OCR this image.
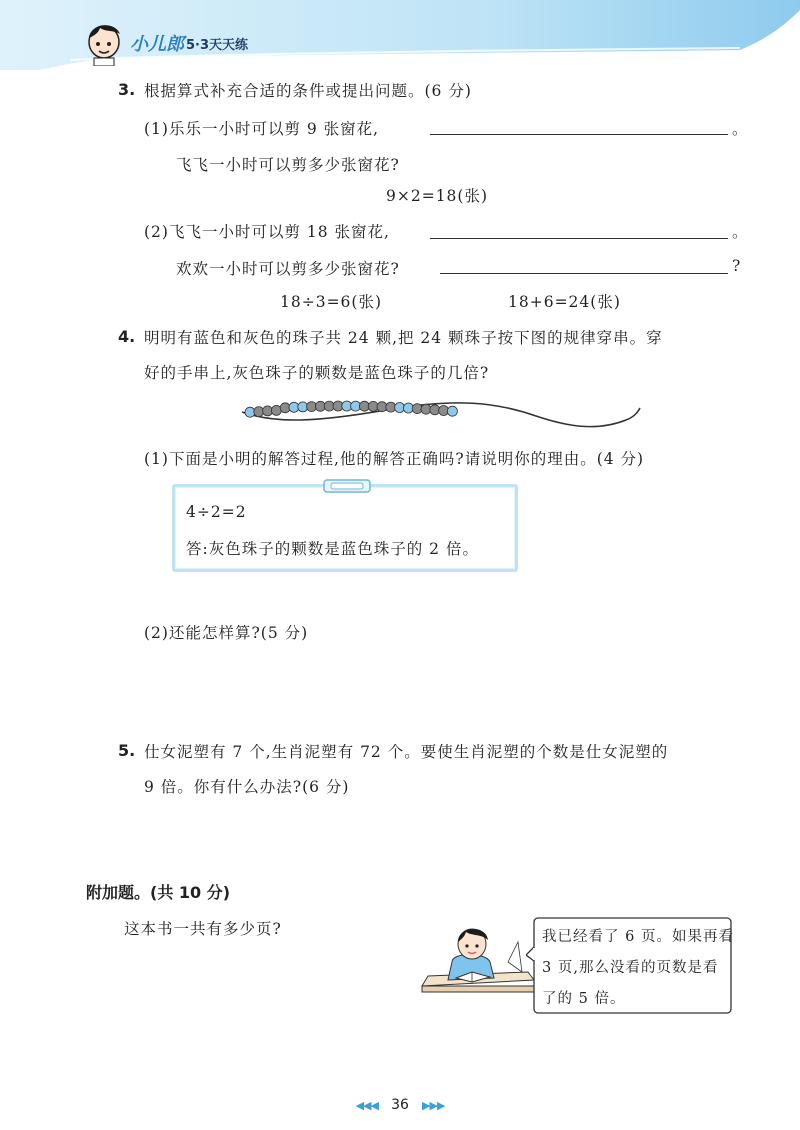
小儿郎 5·3天天练
3. 根据算式补充合适的条件或提出问题。(6 分)
(1)乐乐一小时可以剪 9 张窗花,	。
飞飞一小时可以剪多少张窗花?
9×2=18(张)
(2)飞飞一小时可以剪 18 张窗花,	。
欢欢一小时可以剪多少张窗花?	?
18÷3=6(张)	18+6=24(张)
4. 明明有蓝色和灰色的珠子共 24 颗,把 24 颗珠子按下图的规律穿串。穿
好的手串上,灰色珠子的颗数是蓝色珠子的几倍?
(1)下面是小明的解答过程,他的解答正确吗?请说明你的理由。(4 分)
4÷2=2
答:灰色珠子的颗数是蓝色珠子的 2 倍。
(2)还能怎样算?(5 分)
5. 仕女泥塑有 7 个,生肖泥塑有 72 个。要使生肖泥塑的个数是仕女泥塑的
9 倍。你有什么办法?(6 分)
附加题。(共 10 分)
这本书一共有多少页?	我已经看了 6 页。如果再看
3 页,那么没看的页数是看
了的 5 倍。
◀◀◀ 36 ▶▶▶
